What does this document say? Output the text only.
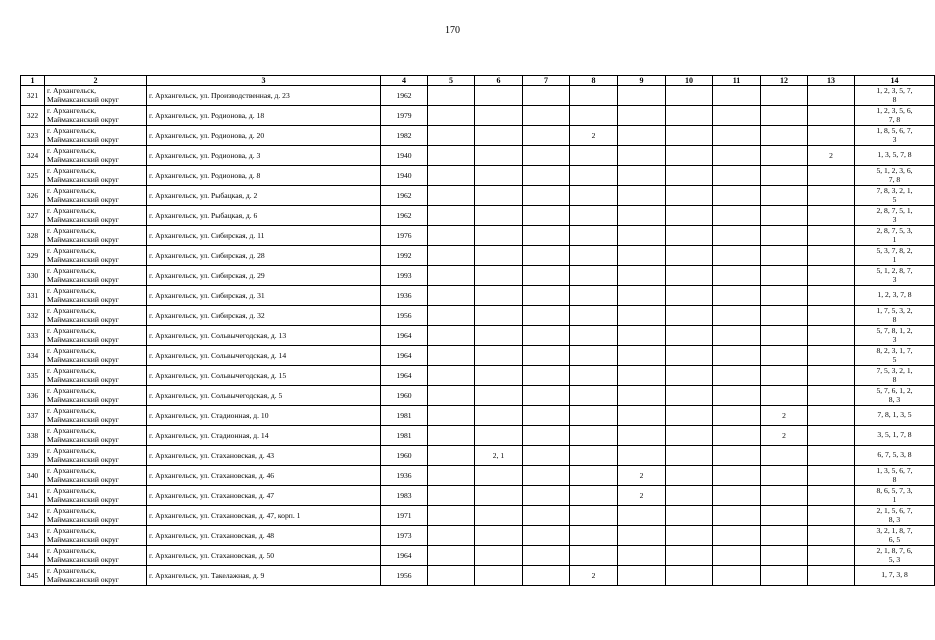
170
1	2	3	4	5	6	7	8	9	10	11	12	13	14
321	г. Архангельск,
Маймаксанский округ	г. Архангельск, ул. Производственная, д. 23	1962										1, 2, 3, 5, 7,
8

322	г. Архангельск,
Маймаксанский округ	г. Архангельск, ул. Родионова, д. 18	1979										1, 2, 3, 5, 6,
7, 8

323	г. Архангельск,
Маймаксанский округ	г. Архангельск, ул. Родионова, д. 20	1982				2						1, 8, 5, 6, 7,
3

324	г. Архангельск,
Маймаксанский округ	г. Архангельск, ул. Родионова, д. 3	1940									2	1, 3, 5, 7, 8

325	г. Архангельск,
Маймаксанский округ	г. Архангельск, ул. Родионова, д. 8	1940										5, 1, 2, 3, 6,
7, 8

326	г. Архангельск,
Маймаксанский округ	г. Архангельск, ул. Рыбацкая, д. 2	1962										7, 8, 3, 2, 1,
5

327	г. Архангельск,
Маймаксанский округ	г. Архангельск, ул. Рыбацкая, д. 6	1962										2, 8, 7, 5, 1,
3

328	г. Архангельск,
Маймаксанский округ	г. Архангельск, ул. Сибирская, д. 11	1976										2, 8, 7, 5, 3,
1

329	г. Архангельск,
Маймаксанский округ	г. Архангельск, ул. Сибирская, д. 28	1992										5, 3, 7, 8, 2,
1

330	г. Архангельск,
Маймаксанский округ	г. Архангельск, ул. Сибирская, д. 29	1993										5, 1, 2, 8, 7,
3

331	г. Архангельск,
Маймаксанский округ	г. Архангельск, ул. Сибирская, д. 31	1936										1, 2, 3, 7, 8

332	г. Архангельск,
Маймаксанский округ	г. Архангельск, ул. Сибирская, д. 32	1956										1, 7, 5, 3, 2,
8

333	г. Архангельск,
Маймаксанский округ	г. Архангельск, ул. Сольвычегодская, д. 13	1964										5, 7, 8, 1, 2,
3

334	г. Архангельск,
Маймаксанский округ	г. Архангельск, ул. Сольвычегодская, д. 14	1964										8, 2, 3, 1, 7,
5

335	г. Архангельск,
Маймаксанский округ	г. Архангельск, ул. Сольвычегодская, д. 15	1964										7, 5, 3, 2, 1,
8

336	г. Архангельск,
Маймаксанский округ	г. Архангельск, ул. Сольвычегодская, д. 5	1960										5, 7, 6, 1, 2,
8, 3

337	г. Архангельск,
Маймаксанский округ	г. Архангельск, ул. Стадионная, д. 10	1981								2		7, 8, 1, 3, 5

338	г. Архангельск,
Маймаксанский округ	г. Архангельск, ул. Стадионная, д. 14	1981								2		3, 5, 1, 7, 8

339	г. Архангельск,
Маймаксанский округ	г. Архангельск, ул. Стахановская, д. 43	1960		2, 1								6, 7, 5, 3, 8

340	г. Архангельск,
Маймаксанский округ	г. Архангельск, ул. Стахановская, д. 46	1936					2					1, 3, 5, 6, 7,
8

341	г. Архангельск,
Маймаксанский округ	г. Архангельск, ул. Стахановская, д. 47	1983					2					8, 6, 5, 7, 3,
1

342	г. Архангельск,
Маймаксанский округ	г. Архангельск, ул. Стахановская, д. 47, корп. 1	1971										2, 1, 5, 6, 7,
8, 3

343	г. Архангельск,
Маймаксанский округ	г. Архангельск, ул. Стахановская, д. 48	1973										3, 2, 1, 8, 7,
6, 5

344	г. Архангельск,
Маймаксанский округ	г. Архангельск, ул. Стахановская, д. 50	1964										2, 1, 8, 7, 6,
5, 3

345	г. Архангельск,
Маймаксанский округ	г. Архангельск, ул. Такелажная, д. 9	1956				2						1, 7, 3, 8
